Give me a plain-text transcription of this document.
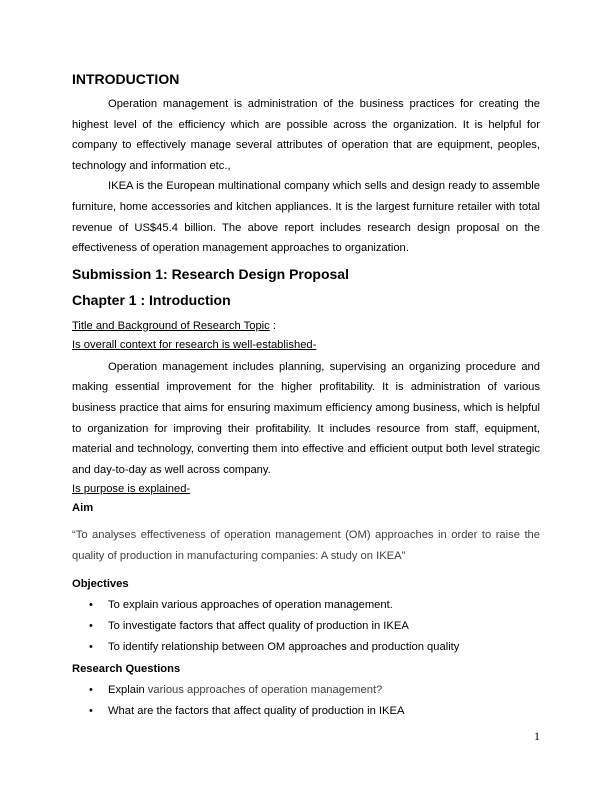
INTRODUCTION

Operation management is administration of the business practices for creating the highest level of the efficiency which are possible across the organization. It is helpful for company to effectively manage several attributes of operation that are equipment, peoples, technology and information etc.,

IKEA is the European multinational company which sells and design ready to assemble furniture, home accessories and kitchen appliances. It is the largest furniture retailer with total revenue of US$45.4 billion. The above report includes research design proposal on the effectiveness of operation management approaches to organization.

Submission 1: Research Design Proposal
Chapter 1 : Introduction

Title and Background of Research Topic :

Is overall context for research is well-established-

Operation management includes planning, supervising an organizing procedure and making essential improvement for the higher profitability. It is administration of various business practice that aims for ensuring maximum efficiency among business, which is helpful to organization for improving their profitability. It includes resource from staff, equipment, material and technology, converting them into effective and efficient output both level strategic and day-to-day as well across company.

Is purpose is explained-

Aim

“To analyses effectiveness of operation management (OM) approaches in order to raise the quality of production in manufacturing companies: A study on IKEA”

Objectives

• To explain various approaches of operation management.
• To investigate factors that affect quality of production in IKEA
• To identify relationship between OM approaches and production quality

Research Questions

• Explain various approaches of operation management?
• What are the factors that affect quality of production in IKEA
1
